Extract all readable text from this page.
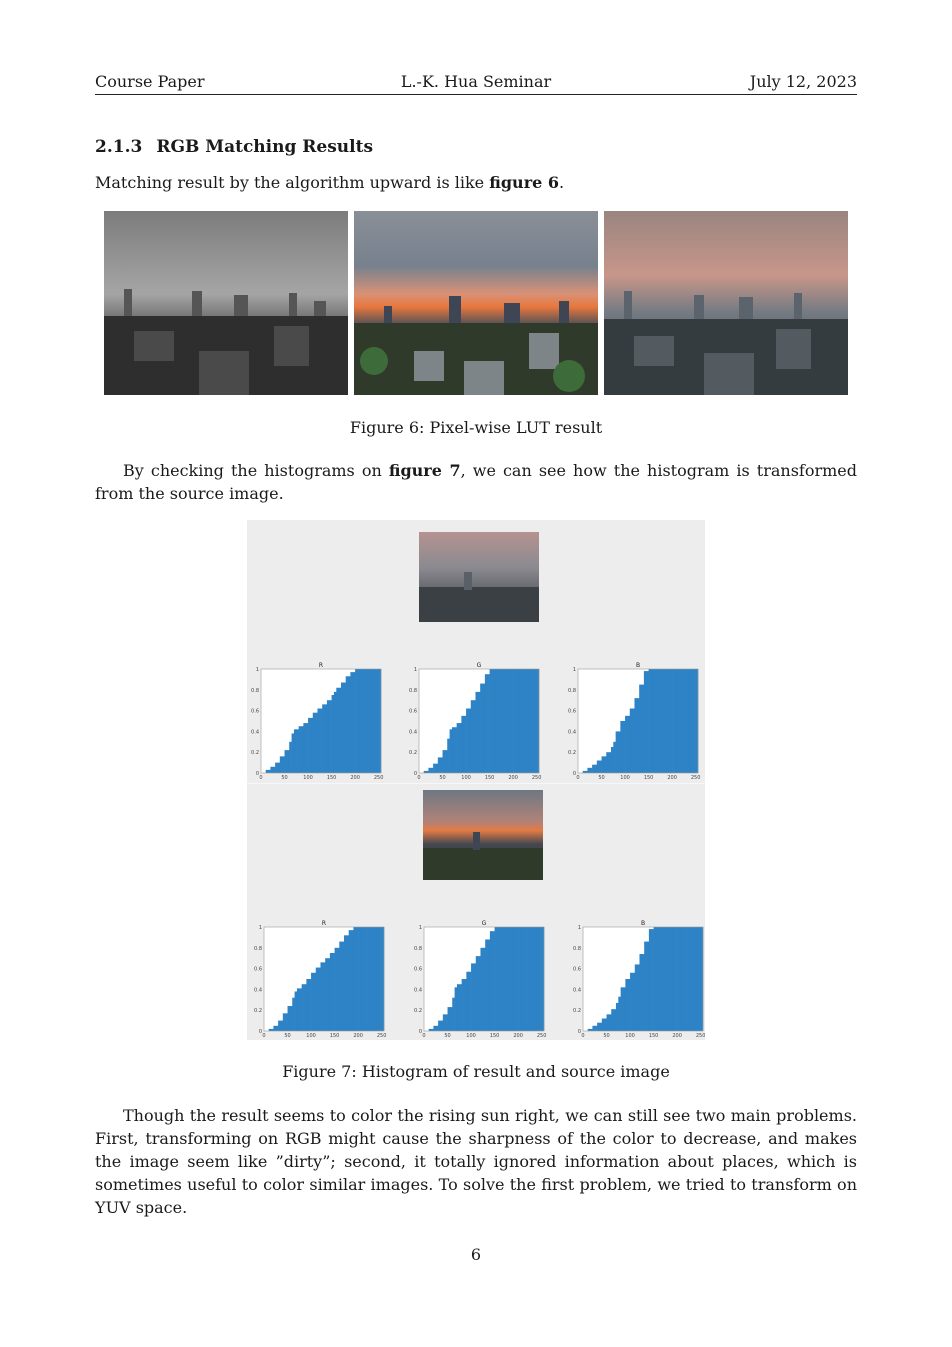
Course Paper	L.-K. Hua Seminar	July 12, 2023
2.1.3 RGB Matching Results
Matching result by the algorithm upward is like figure 6.
Figure 6: Pixel-wise LUT result
By checking the histograms on figure 7, we can see how the histogram is transformed from the source image.
R
0
0.2
0.4
0.6
0.8
1
0	50	100	150	200	250
G
0
0.2
0.4
0.6
0.8
1
0	50	100	150	200	250
B
0
0.2
0.4
0.6
0.8
1
0	50	100	150	200	250
R
0
0.2
0.4
0.6
0.8
1
0	50	100	150	200	250
G
0
0.2
0.4
0.6
0.8
1
0	50	100	150	200	250
B
0
0.2
0.4
0.6
0.8
1
0	50	100	150	200	250
Figure 7: Histogram of result and source image
Though the result seems to color the rising sun right, we can still see two main problems. First, transforming on RGB might cause the sharpness of the color to decrease, and makes the image seem like ”dirty”; second, it totally ignored information about places, which is sometimes useful to color similar images. To solve the first problem, we tried to transform on YUV space.
6
